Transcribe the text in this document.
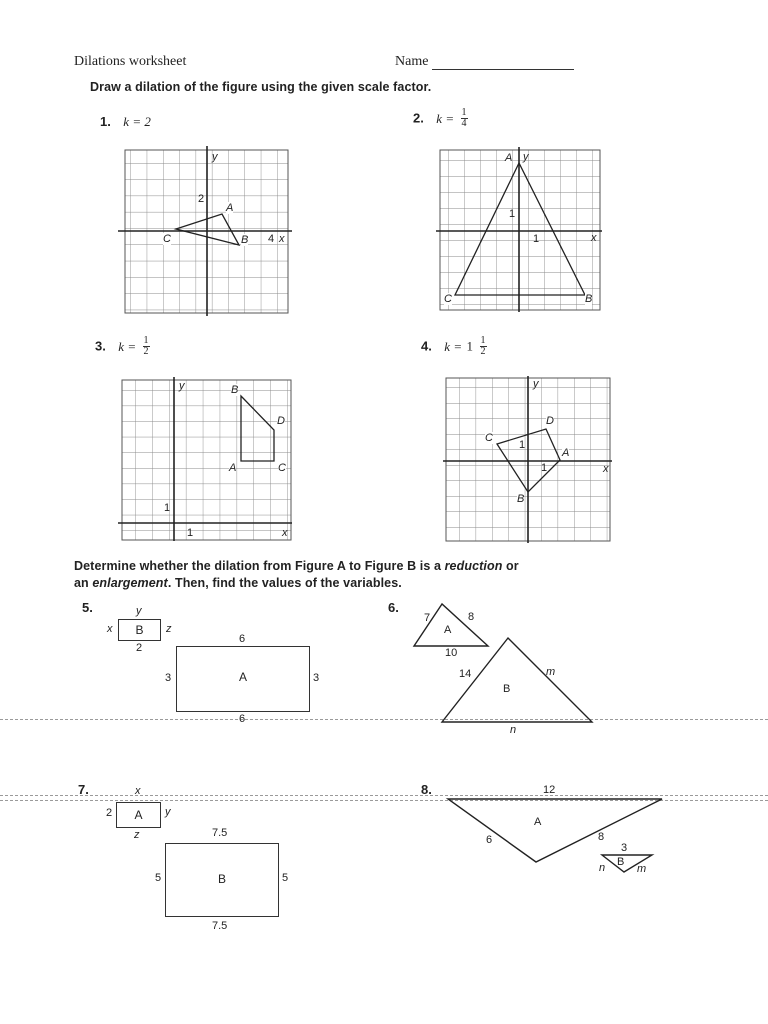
Dilations worksheet	Name
Draw a dilation of the figure using the given scale factor.
1. k = 2	2. $k = \frac{1}{4}$
3. $k = \frac{1}{2}$	4. $k = 1 \frac{1}{2}$
y
x
2
4
A
B
C
y
x
1
1
A
B
C
y
x
1
1
A
B
C
D
y
x
1
1
A
B
C
D
Determine whether the dilation from Figure A to Figure B is a reduction or
an enlargement. Then, find the values of the variables.
5.	y
x	B	z
2
6
A
3	3
6
6.
7	8
A
10
14	m
B
n
7.	x
2	A	y
z	7.5
B
5	5
7.5
8.	12
A
6	8
3
B
n	m
